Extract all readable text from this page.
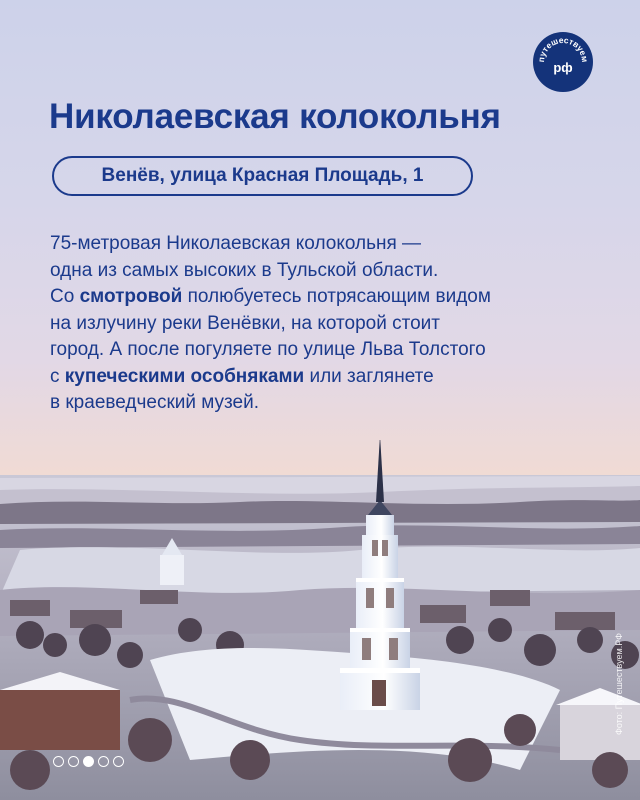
путешествуем
рф
Николаевская колокольня
Венёв, улица Красная Площадь, 1
75-метровая Николаевская колокольня —
одна из самых высоких в Тульской области.
Со смотровой полюбуетесь потрясающим видом
на излучину реки Венёвки, на которой стоит
город. А после погуляете по улице Льва Толстого
с купеческими особняками или заглянете
в краеведческий музей.
Фото: Путешествуем.РФ
